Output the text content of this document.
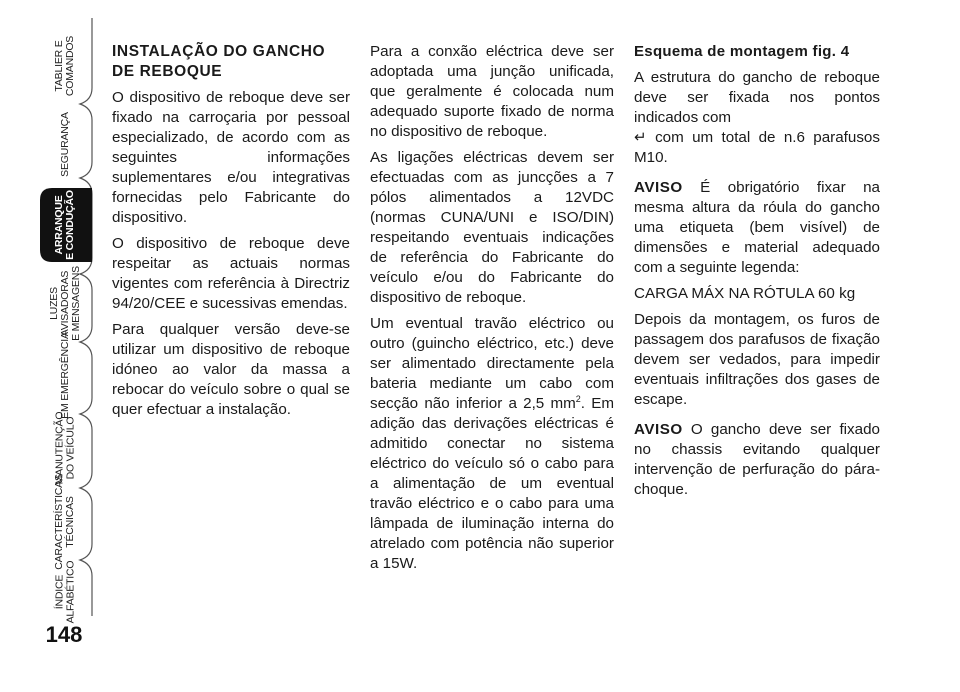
TABLIER E
COMANDOS
SEGURANÇA
ARRANQUE
E CONDUÇÃO
LUZES
AVISADORAS
E MENSAGENS
EM EMERGÊNCIA
MANUTENÇÃO
DO VEÍCULO
CARACTERÍSTICAS
TÉCNICAS
ÍNDICE
ALFABÉTICO
148
INSTALAÇÃO DO GANCHO
DE REBOQUE

O dispositivo de reboque deve ser fixado na carroçaria por pessoal especializado, de acordo com as seguintes informações suplementares e/ou integrativas fornecidas pelo Fabricante do dispositivo.

O dispositivo de reboque deve respeitar as actuais normas vigentes com referência à Directriz 94/20/CEE e sucessivas emendas.

Para qualquer versão deve-se utilizar um dispositivo de reboque idóneo ao valor da massa a rebocar do veículo sobre o qual se quer efectuar a instalação.

Para a conxão eléctrica deve ser adoptada uma junção unificada, que geralmente é colocada num adequado suporte fixado de norma no dispositivo de reboque.

As ligações eléctricas devem ser efectuadas com as juncções a 7 pólos alimentados a 12VDC (normas CUNA/UNI e ISO/DIN) respeitando eventuais indicações de referência do Fabricante do veículo e/ou do Fabricante do dispositivo de reboque.

Um eventual travão eléctrico ou outro (guincho eléctrico, etc.) deve ser alimentado directamente pela bateria mediante um cabo com secção não inferior a 2,5 $mm^2$. Em adição das derivações eléctricas é admitido conectar no sistema eléctrico do veículo só o cabo para a alimentação de um eventual travão eléctrico e o cabo para uma lâmpada de iluminação interna do atrelado com potência não superior a 15W.

Esquema de montagem fig. 4

A estrutura do gancho de reboque deve ser fixada nos pontos indicados com
↵ com um total de n.6 parafusos M10.

AVISO É obrigatório fixar na mesma altura da róula do gancho uma etiqueta (bem visível) de dimensões e material adequado com a seguinte legenda:

CARGA MÁX NA RÓTULA 60 kg

Depois da montagem, os furos de passagem dos parafusos de fixação devem ser vedados, para impedir eventuais infiltrações dos gases de escape.

AVISO O gancho deve ser fixado no chassis evitando qualquer intervenção de perfuração do pára-choque.
